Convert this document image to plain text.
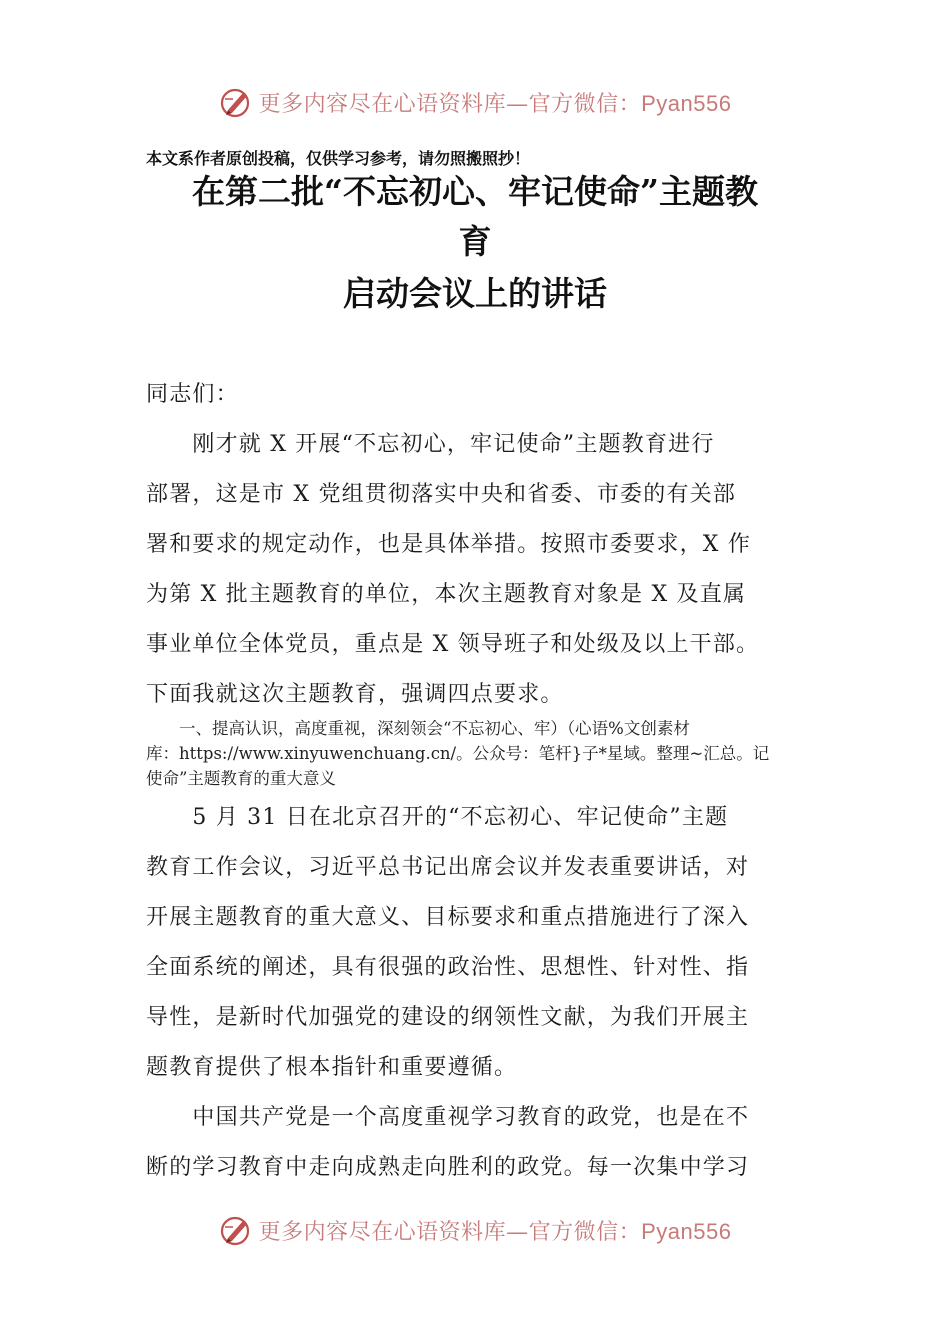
更多内容尽在心语资料库—官方微信：Pyan556
本文系作者原创投稿，仅供学习参考，请勿照搬照抄！
在第二批“不忘初心、牢记使命”主题教
育
启动会议上的讲话
同志们：
　　刚才就 X 开展“不忘初心，牢记使命”主题教育进行
部署，这是市 X 党组贯彻落实中央和省委、市委的有关部
署和要求的规定动作，也是具体举措。按照市委要求，X 作
为第 X 批主题教育的单位，本次主题教育对象是 X 及直属
事业单位全体党员，重点是 X 领导班子和处级及以上干部。
下面我就这次主题教育，强调四点要求。
　　一、提高认识，高度重视，深刻领会“不忘初心、牢）（心语%文创素材
库：https://www.xinyuwenchuang.cn/。公众号：笔杆}子*星域。整理~汇总。记
使命”主题教育的重大意义
　　5 月 31 日在北京召开的“不忘初心、牢记使命”主题
教育工作会议，习近平总书记出席会议并发表重要讲话，对
开展主题教育的重大意义、目标要求和重点措施进行了深入
全面系统的阐述，具有很强的政治性、思想性、针对性、指
导性，是新时代加强党的建设的纲领性文献，为我们开展主
题教育提供了根本指针和重要遵循。
　　中国共产党是一个高度重视学习教育的政党，也是在不
断的学习教育中走向成熟走向胜利的政党。每一次集中学习
更多内容尽在心语资料库—官方微信：Pyan556
